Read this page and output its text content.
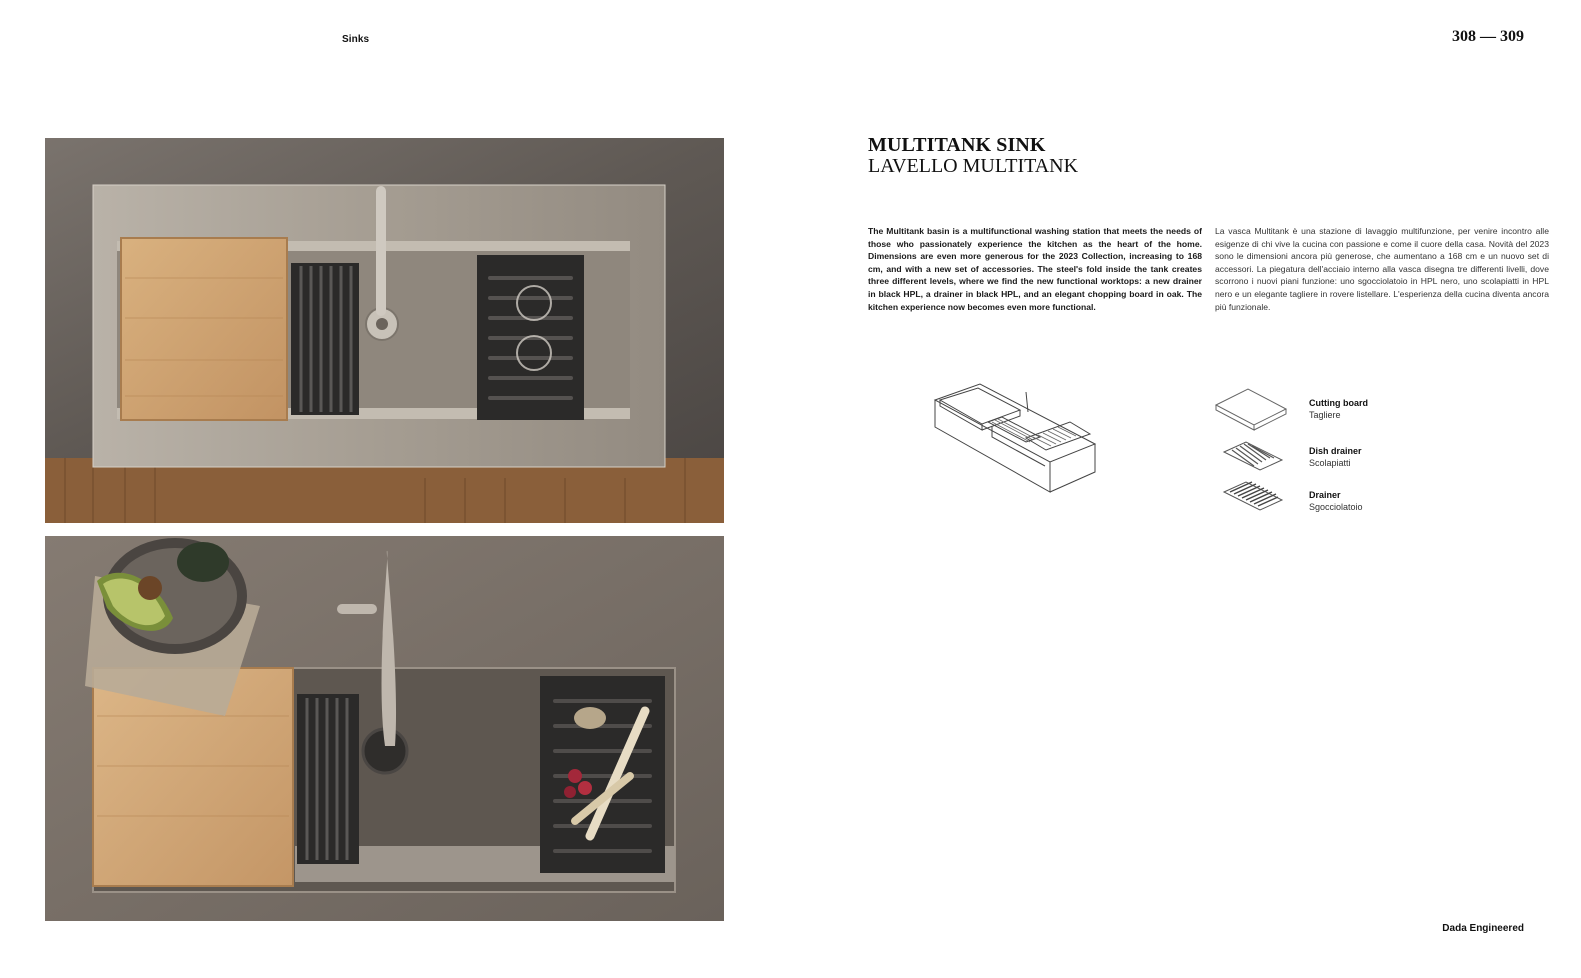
Sinks	308 — 309
MULTITANK SINK
LAVELLO MULTITANK

The Multitank basin is a multifunctional washing station that meets the needs of those who passionately experience the kitchen as the heart of the home. Dimensions are even more generous for the 2023 Collection, increasing to 168 cm, and with a new set of accessories. The steel's fold inside the tank creates three different levels, where we find the new functional worktops: a new drainer in black HPL, a drainer in black HPL, and an elegant chopping board in oak. The kitchen experience now becomes even more functional.

La vasca Multitank è una stazione di lavaggio multifunzione, per venire incontro alle esigenze di chi vive la cucina con passione e come il cuore della casa. Novità del 2023 sono le dimensioni ancora più generose, che aumentano a 168 cm e un nuovo set di accessori. La piegatura dell'acciaio interno alla vasca disegna tre differenti livelli, dove scorrono i nuovi piani funzione: uno sgocciolatoio in HPL nero, uno scolapiatti in HPL nero e un elegante tagliere in rovere listellare. L'esperienza della cucina diventa ancora più funzionale.

Cutting board
Tagliere
Dish drainer
Scolapiatti
Drainer
Sgocciolatoio
Dada Engineered
